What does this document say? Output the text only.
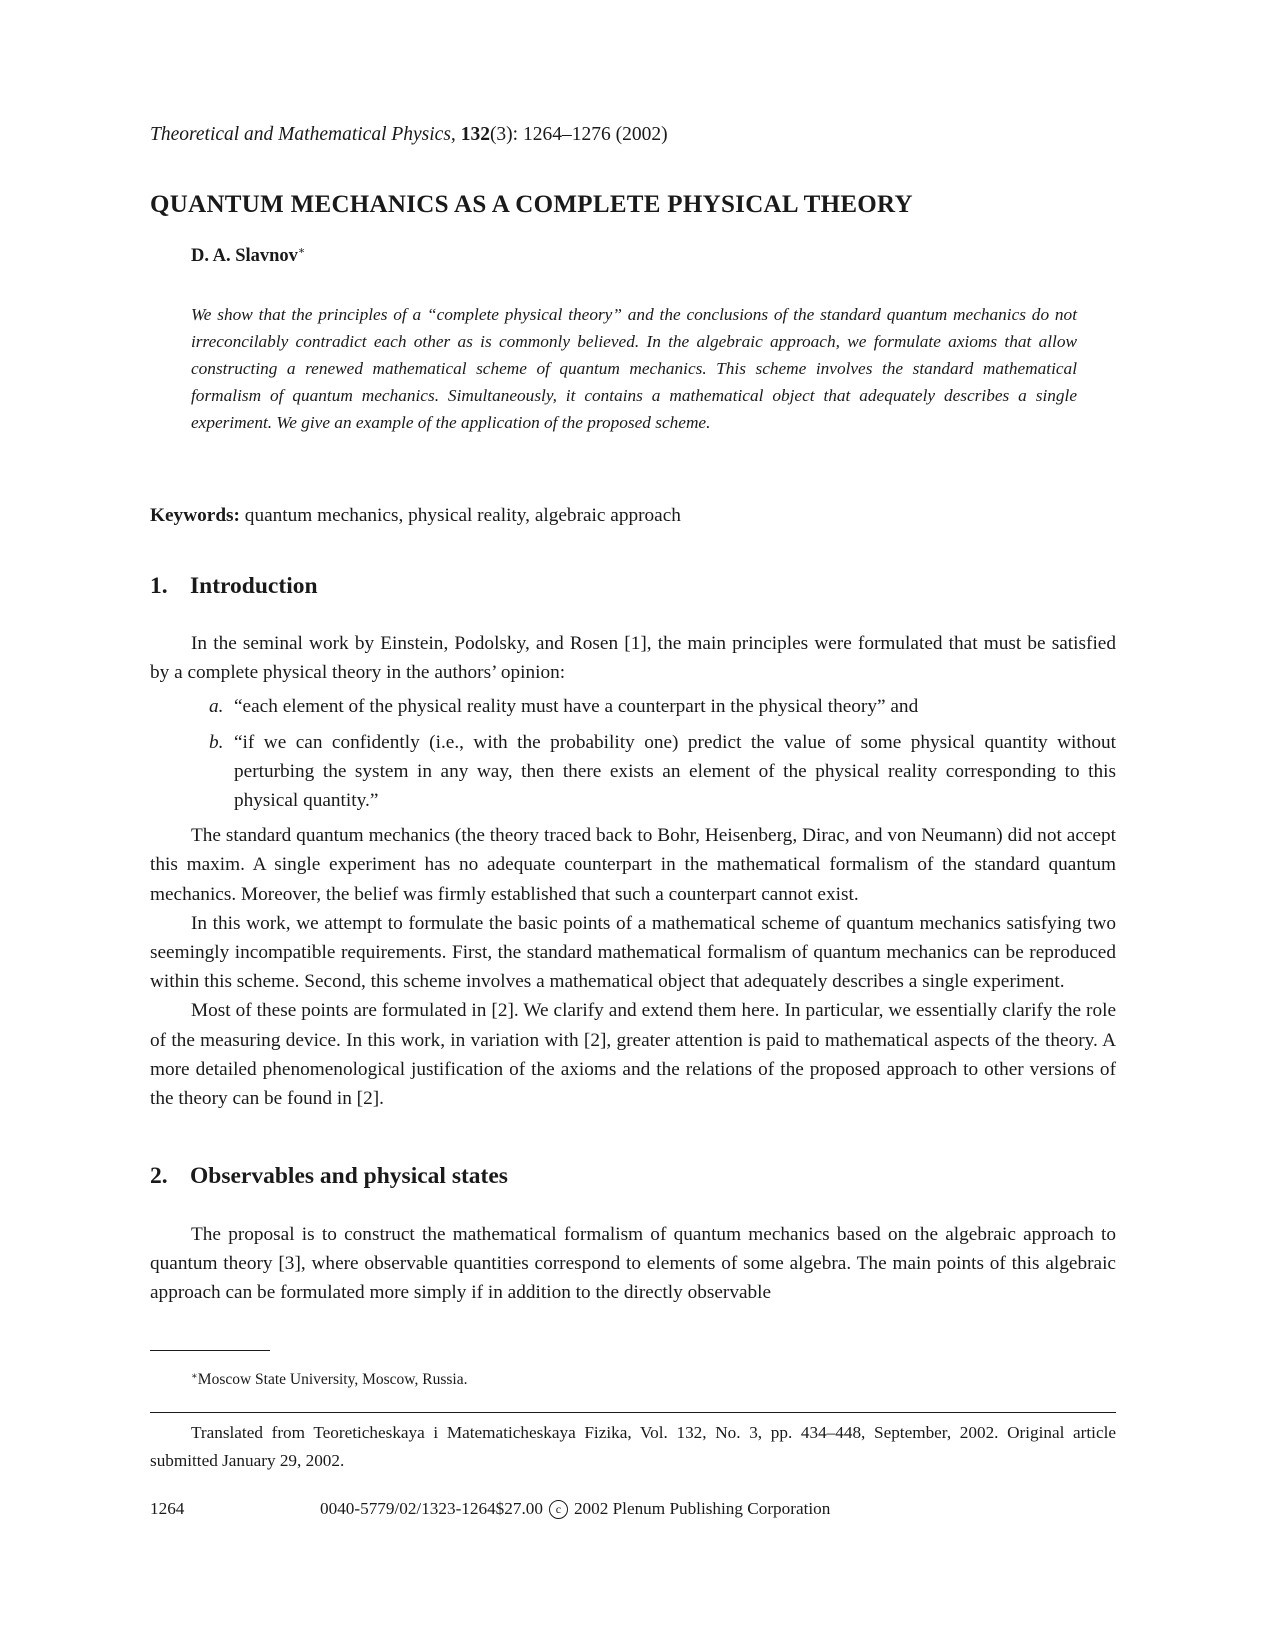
Theoretical and Mathematical Physics, 132(3): 1264–1276 (2002)
QUANTUM MECHANICS AS A COMPLETE PHYSICAL THEORY
D. A. Slavnov∗
We show that the principles of a “complete physical theory” and the conclusions of the standard quantum mechanics do not irreconcilably contradict each other as is commonly believed. In the algebraic approach, we formulate axioms that allow constructing a renewed mathematical scheme of quantum mechanics. This scheme involves the standard mathematical formalism of quantum mechanics. Simultaneously, it contains a mathematical object that adequately describes a single experiment. We give an example of the application of the proposed scheme.
Keywords: quantum mechanics, physical reality, algebraic approach
1. Introduction

In the seminal work by Einstein, Podolsky, and Rosen [1], the main principles were formulated that must be satisfied by a complete physical theory in the authors’ opinion:

a. “each element of the physical reality must have a counterpart in the physical theory” and
b. “if we can confidently (i.e., with the probability one) predict the value of some physical quantity without perturbing the system in any way, then there exists an element of the physical reality corresponding to this physical quantity.”

The standard quantum mechanics (the theory traced back to Bohr, Heisenberg, Dirac, and von Neumann) did not accept this maxim. A single experiment has no adequate counterpart in the mathematical formalism of the standard quantum mechanics. Moreover, the belief was firmly established that such a counterpart cannot exist.

In this work, we attempt to formulate the basic points of a mathematical scheme of quantum mechanics satisfying two seemingly incompatible requirements. First, the standard mathematical formalism of quantum mechanics can be reproduced within this scheme. Second, this scheme involves a mathematical object that adequately describes a single experiment.

Most of these points are formulated in [2]. We clarify and extend them here. In particular, we essentially clarify the role of the measuring device. In this work, in variation with [2], greater attention is paid to mathematical aspects of the theory. A more detailed phenomenological justification of the axioms and the relations of the proposed approach to other versions of the theory can be found in [2].

2. Observables and physical states

The proposal is to construct the mathematical formalism of quantum mechanics based on the algebraic approach to quantum theory [3], where observable quantities correspond to elements of some algebra. The main points of this algebraic approach can be formulated more simply if in addition to the directly observable

∗Moscow State University, Moscow, Russia.

Translated from Teoreticheskaya i Matematicheskaya Fizika, Vol. 132, No. 3, pp. 434–448, September, 2002. Original article submitted January 29, 2002.

1264	0040-5779/02/1323-1264$27.00 c 2002 Plenum Publishing Corporation
